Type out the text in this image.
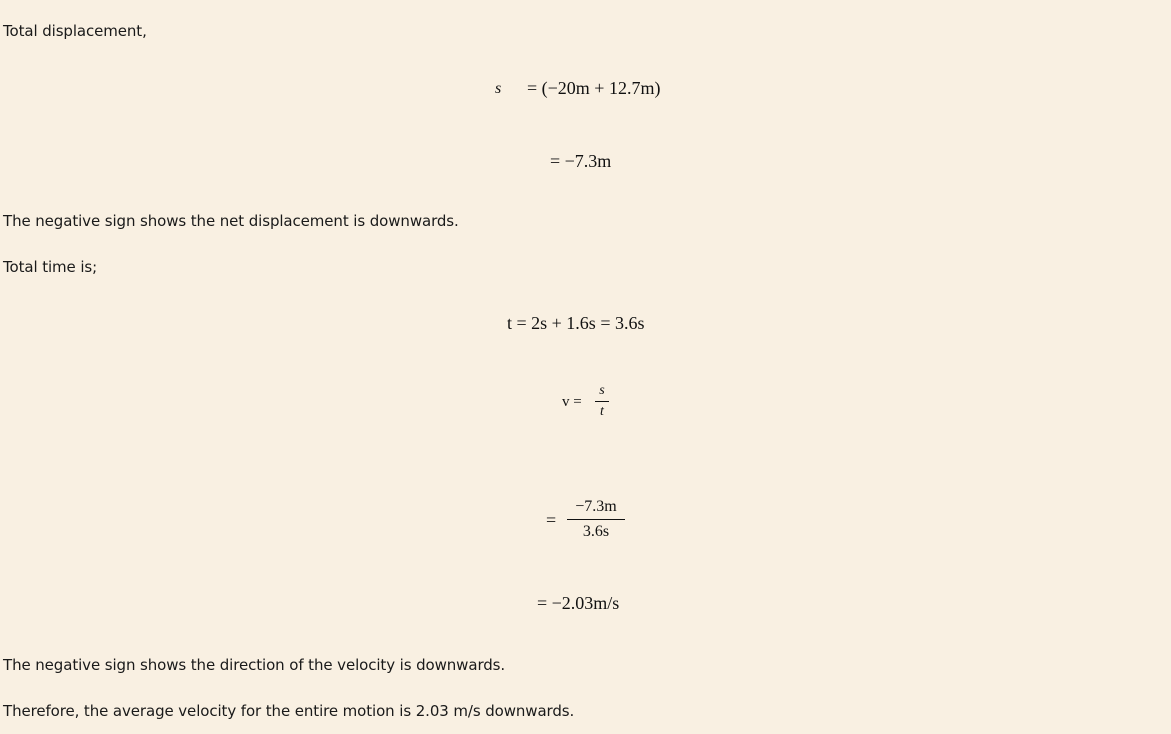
Total displacement,
s = (−20m + 12.7m)
= −7.3m
The negative sign shows the net displacement is downwards.
Total time is;
t = 2s + 1.6s = 3.6s
v =
s
t
=
−7.3m
3.6s
= −2.03m/s
The negative sign shows the direction of the velocity is downwards.
Therefore, the average velocity for the entire motion is 2.03 m/s downwards.
